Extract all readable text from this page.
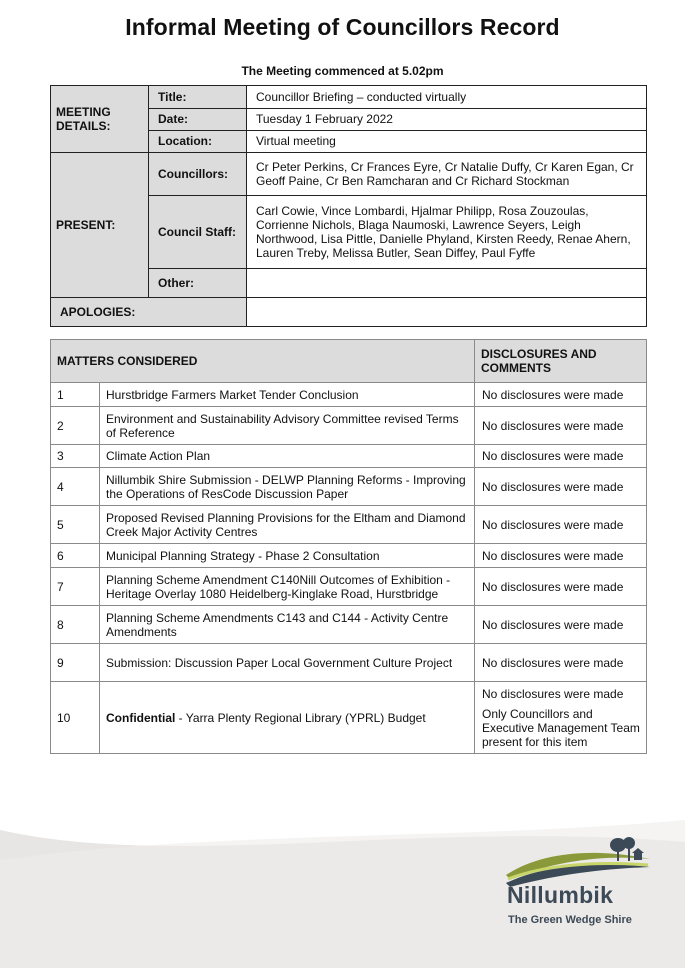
Informal Meeting of Councillors Record
The Meeting commenced at 5.02pm
MEETING DETAILS:	Title:	Councillor Briefing – conducted virtually
	Date:	Tuesday 1 February 2022
	Location:	Virtual meeting
PRESENT:	Councillors:	Cr Peter Perkins, Cr Frances Eyre, Cr Natalie Duffy, Cr Karen Egan, Cr Geoff Paine, Cr Ben Ramcharan and Cr Richard Stockman
	Council Staff:	Carl Cowie, Vince Lombardi, Hjalmar Philipp, Rosa Zouzoulas, Corrienne Nichols, Blaga Naumoski, Lawrence Seyers, Leigh Northwood, Lisa Pittle, Danielle Phyland, Kirsten Reedy, Renae Ahern, Lauren Treby, Melissa Butler, Sean Diffey, Paul Fyffe
	Other:	
APOLOGIES:		
MATTERS CONSIDERED		DISCLOSURES AND COMMENTS
1	Hurstbridge Farmers Market Tender Conclusion	No disclosures were made

2	Environment and Sustainability Advisory Committee revised Terms of Reference	No disclosures were made

3	Climate Action Plan	No disclosures were made

4	Nillumbik Shire Submission - DELWP Planning Reforms - Improving the Operations of ResCode Discussion Paper	No disclosures were made

5	Proposed Revised Planning Provisions for the Eltham and Diamond Creek Major Activity Centres	No disclosures were made

6	Municipal Planning Strategy - Phase 2 Consultation	No disclosures were made

7	Planning Scheme Amendment C140Nill Outcomes of Exhibition - Heritage Overlay 1080 Heidelberg-Kinglake Road, Hurstbridge	No disclosures were made

8	Planning Scheme Amendments C143 and C144 - Activity Centre Amendments	No disclosures were made

9	Submission: Discussion Paper Local Government Culture Project	No disclosures were made

10	Confidential - Yarra Plenty Regional Library (YPRL) Budget	No disclosures were made
Only Councillors and Executive Management Team present for this item
Nillumbik
The Green Wedge Shire
